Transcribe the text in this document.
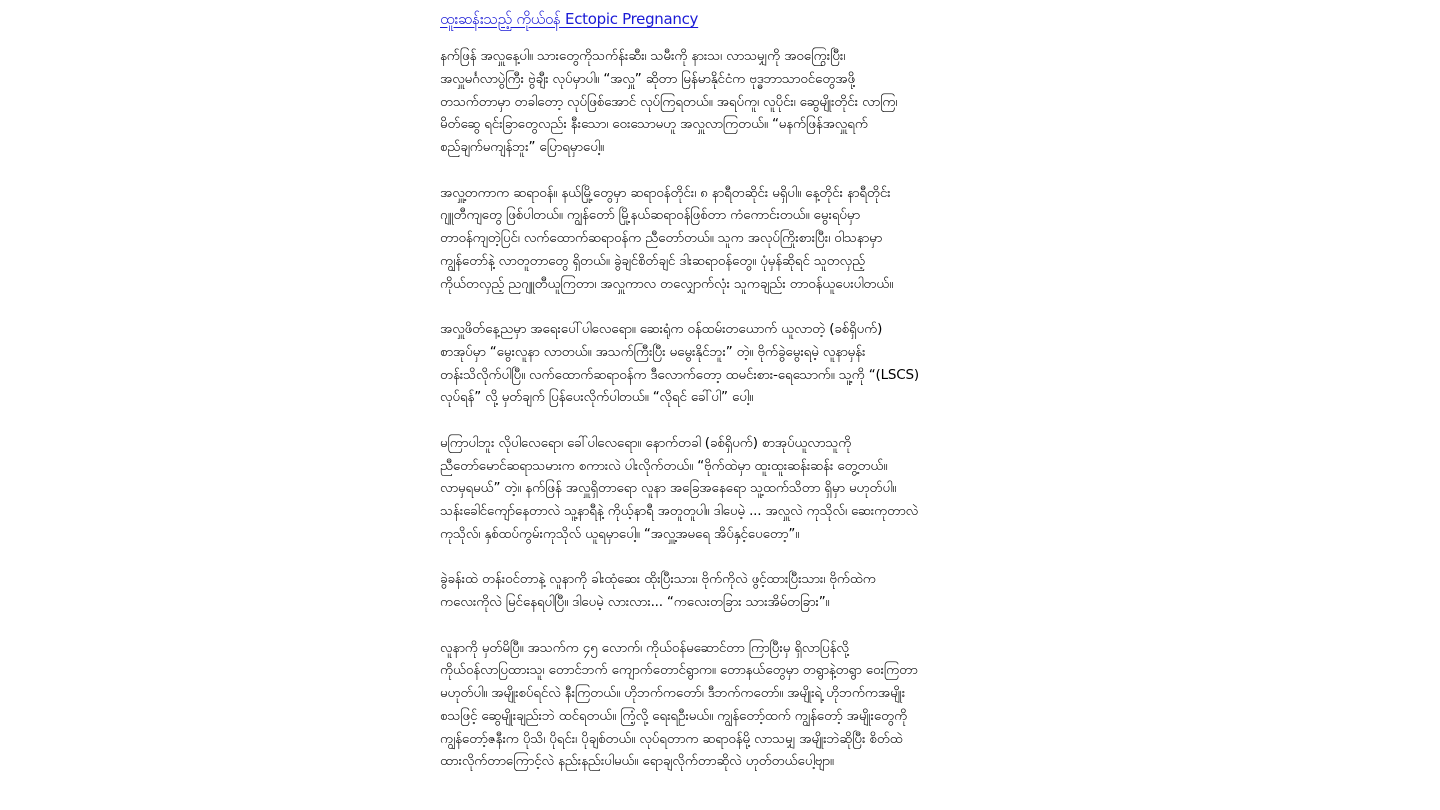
ထူးဆန်းသည့် ကိုယ်ဝန် Ectopic Pregnancy

နက်ဖြန် အလှူနေ့ပါ။ သားတွေကိုသက်န်းဆီး၊ သမီးကို နားသ၊ လာသမျှကို အဝကြွေးပြီး၊
အလှူမင်္ဂလာပွဲကြီး ဗွဲချီး လုပ်မှာပါ။ “အလှူ” ဆိုတာ မြန်မာနိုင်ငံက ဗုဒ္ဓဘာသာဝင်တွေအဖို့
တသက်တာမှာ တခါတော့ လုပ်ဖြစ်အောင် လုပ်ကြရတယ်။ အရပ်ကူ၊ လူပိုင်း၊ ဆွေမျိုးတိုင်း လာကြ၊
မိတ်ဆွေ ရင်းခြာတွေလည်း နီးသော၊ ဝေးသောမဟူ အလှူလာကြတယ်။ “မနက်ဖြန်အလှူရက်
စည်ချက်မကျန်ဘူး” ပြောရမှာပေါ့။

အလှူ့တကာက ဆရာဝန်။ နယ်မြို့တွေမှာ ဆရာဝန်တိုင်း၊ ၈ နာရီတဆိုင်း မရှိပါ။ နေ့တိုင်း နာရီတိုင်း
ဂျူတီကျတွေ ဖြစ်ပါတယ်။ ကျွန်တော် မြို့နယ်ဆရာဝန်ဖြစ်တာ ကံကောင်းတယ်။ မွေးရပ်မှာ
တာဝန်ကျတဲ့ပြင်၊ လက်ထောက်ဆရာဝန်က ညီတော်တယ်။ သူက အလုပ်ကြိုးစားပြီး၊ ဝါသနာမှာ
ကျွန်တော်နဲ့ လာတူတာတွေ ရှိတယ်။ ခွဲချင်စိတ်ချင် ဒါးဆရာဝန်တွေ။ ပုံမှန်ဆိုရင် သူတလှည့်
ကိုယ်တလှည့် ညဂျူတီယူကြတာ၊ အလှူကာလ တလျှောက်လုံး သူကချည်း တာဝန်ယူပေးပါတယ်။

အလှူဖိတ်နေ့ညမှာ အရေးပေါ်ပါလေရော။ ဆေးရုံက ဝန်ထမ်းတယောက် ယူလာတဲ့ (ခစ်ရှိပက်)
စာအုပ်မှာ “မွေးလူနာ လာတယ်။ အသက်ကြီးပြီး မမွေးနိုင်ဘူး” တဲ့။ ဗိုက်ခွဲမွေးရမဲ့ လူနာမှန်း
တန်းသိလိုက်ပါပြီ။ လက်ထောက်ဆရာဝန်က ဒီလောက်တော့ ထမင်းစား-ရေသောက်။ သူ့ကို “(LSCS)
လုပ်ရန်” လို့ မှတ်ချက် ပြန်ပေးလိုက်ပါတယ်။ “လိုရင် ခေါ်ပါ” ပေါ့။

မကြာပါဘူး လိုပါလေရော၊ ခေါ်ပါလေရော။ နောက်တခါ (ခစ်ရှိပက်) စာအုပ်ယူလာသူကို
ညီတော်မောင်ဆရာသမားက စကားလဲ ပါးလိုက်တယ်။ “ဗိုက်ထဲမှာ ထူးထူးဆန်းဆန်း တွေ့တယ်။
လာမှရမယ်” တဲ့။ နက်ဖြန် အလှူရှိတာရော လူနာ အခြေအနေရော သူ့ထက်သိတာ ရှိမှာ မဟုတ်ပါ။
သန်းခေါင်ကျော်နေတာလဲ သူ့နာရီနဲ့ ကိုယ့်နာရီ အတူတူပါ။ ဒါပေမဲ့ ... အလှူလဲ ကုသိုလ်၊ ဆေးကုတာလဲ
ကုသိုလ်၊ နှစ်ထပ်ကွမ်းကုသိုလ် ယူရမှာပေါ့။ “အလှူ့အမရေ အိပ်နှင့်ပေတော့”။

ခွဲခန်းထဲ တန်းဝင်တာနဲ့ လူနာကို ခါးထုံဆေး ထိုးပြီးသား၊ ဗိုက်ကိုလဲ ဖွင့်ထားပြီးသား၊ ဗိုက်ထဲက
ကလေးကိုလဲ မြင်နေရပါပြီ။ ဒါပေမဲ့ လားလား... “ကလေးတခြား သားအိမ်တခြား”။

လူနာကို မှတ်မိပြီ။ အသက်က ၄၅ လောက်၊ ကိုယ်ဝန်မဆောင်တာ ကြာပြီးမှ ရှိလာပြန်လို့
ကိုယ်ဝန်လာပြထားသူ၊ တောင်ဘက် ကျောက်တောင်ရွာက။ တောနယ်တွေမှာ တရွာနဲ့တရွာ ဝေးကြတာ
မဟုတ်ပါ။ အမျိုးစပ်ရင်လဲ နီးကြတယ်။ ဟိုဘက်ကတော်၊ ဒီဘက်ကတော်။ အမျိုးရဲ့ ဟိုဘက်ကအမျိုး
စသဖြင့် ဆွေမျိုးချည်းဘဲ ထင်ရတယ်။ ကြံ့လို့ ရေးရဦးမယ်။ ကျွန်တော့်ထက် ကျွန်တော့် အမျိုးတွေကို
ကျွန်တော့်ဇနီးက ပိုသိ၊ ပိုရင်း၊ ပိုချစ်တယ်။ လုပ်ရတာက ဆရာဝန်မို့ လာသမျှ အမျိုးဘဲဆိုပြီး စိတ်ထဲ
ထားလိုက်တာကြောင့်လဲ နည်းနည်းပါမယ်။ ရောချလိုက်တာဆိုလဲ ဟုတ်တယ်ပေါ့ဗျာ။
